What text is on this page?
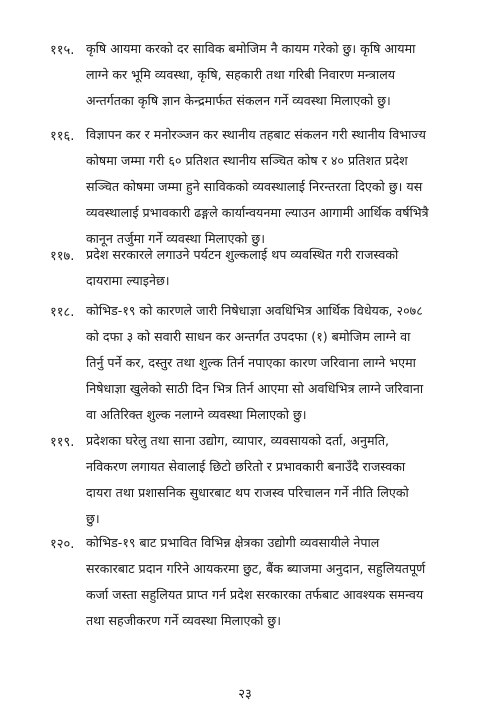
११५. कृषि आयमा करको दर साविक बमोजिम नै कायम गरेको छु। कृषि आयमा
लाग्ने कर भूमि व्यवस्था, कृषि, सहकारी तथा गरिबी निवारण मन्त्रालय
अन्तर्गतका कृषि ज्ञान केन्द्रमार्फत संकलन गर्ने व्यवस्था मिलाएको छु।
११६. विज्ञापन कर र मनोरञ्जन कर स्थानीय तहबाट संकलन गरी स्थानीय विभाज्य
कोषमा जम्मा गरी ६० प्रतिशत स्थानीय सञ्चित कोष र ४० प्रतिशत प्रदेश
सञ्चित कोषमा जम्मा हुने साविकको व्यवस्थालाई निरन्तरता दिएको छु। यस
व्यवस्थालाई प्रभावकारी ढङ्गले कार्यान्वयनमा ल्याउन आगामी आर्थिक वर्षभित्रै
कानून तर्जुमा गर्ने व्यवस्था मिलाएको छु।
११७. प्रदेश सरकारले लगाउने पर्यटन शुल्कलाई थप व्यवस्थित गरी राजस्वको
दायरामा ल्याइनेछ।
११८. कोभिड-१९ को कारणले जारी निषेधाज्ञा अवधिभित्र आर्थिक विधेयक, २०७८
को दफा ३ को सवारी साधन कर अन्तर्गत उपदफा (१) बमोजिम लाग्ने वा
तिर्नु पर्ने कर, दस्तुर तथा शुल्क तिर्न नपाएका कारण जरिवाना लाग्ने भएमा
निषेधाज्ञा खुलेको साठी दिन भित्र तिर्न आएमा सो अवधिभित्र लाग्ने जरिवाना
वा अतिरिक्त शुल्क नलाग्ने व्यवस्था मिलाएको छु।
११९. प्रदेशका घरेलु तथा साना उद्योग, व्यापार, व्यवसायको दर्ता, अनुमति,
नविकरण लगायत सेवालाई छिटो छरितो र प्रभावकारी बनाउँदै राजस्वका
दायरा तथा प्रशासनिक सुधारबाट थप राजस्व परिचालन गर्ने नीति लिएको
छु।
१२०. कोभिड-१९ बाट प्रभावित विभिन्न क्षेत्रका उद्योगी व्यवसायीले नेपाल
सरकारबाट प्रदान गरिने आयकरमा छुट, बैंक ब्याजमा अनुदान, सहुलियतपूर्ण
कर्जा जस्ता सहुलियत प्राप्त गर्न प्रदेश सरकारका तर्फबाट आवश्यक समन्वय
तथा सहजीकरण गर्ने व्यवस्था मिलाएको छु।
२३
